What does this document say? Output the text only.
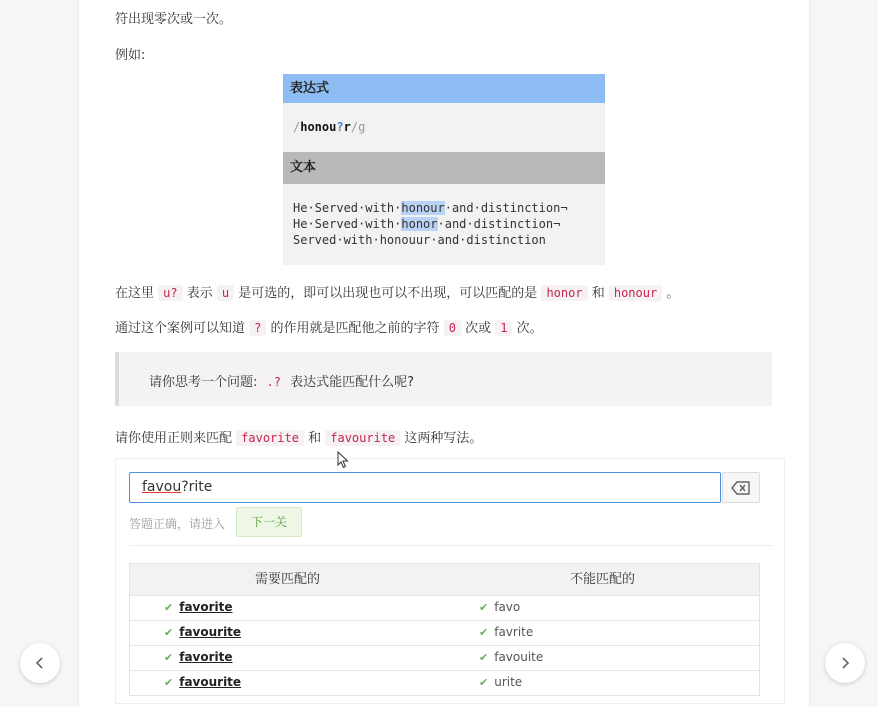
符出现零次或一次。
例如:
表达式
/honou?r/g
文本
He·Served·with·honour·and·distinction¬
He·Served·with·honor·and·distinction¬
Served·with·honouur·and·distinction
在这里 u? 表示 u 是可选的，即可以出现也可以不出现，可以匹配的是 honor 和 honour 。
通过这个案例可以知道 ? 的作用就是匹配他之前的字符 0 次或 1 次。
请你思考一个问题: .? 表达式能匹配什么呢?
请你使用正则来匹配 favorite 和 favourite 这两种写法。
favou?rite
答题正确，请进入	下一关
需要匹配的	不能匹配的
✔ favorite	✔ favo
✔ favourite	✔ favrite
✔ favorite	✔ favouite
✔ favourite	✔ urite
